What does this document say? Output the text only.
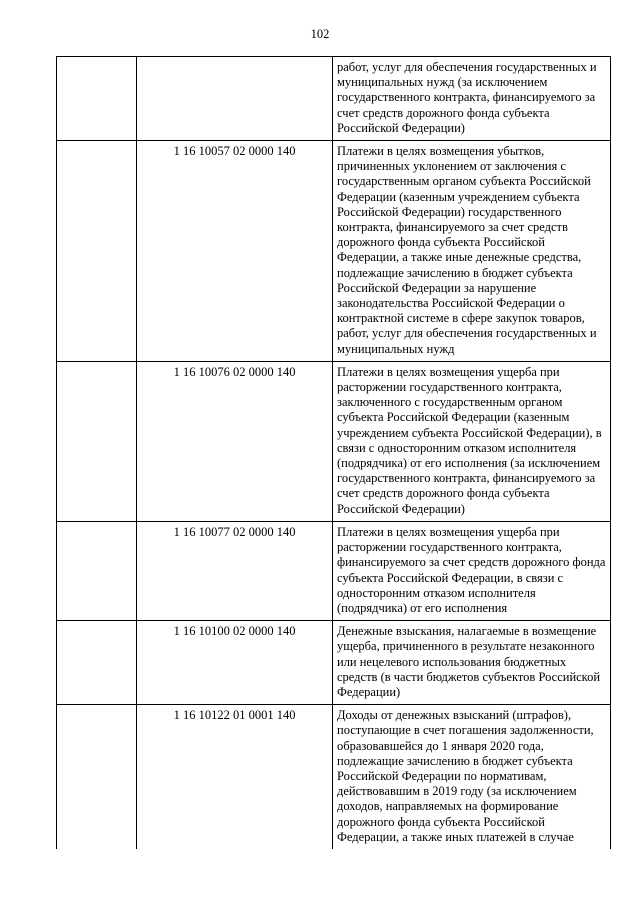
102
		работ, услуг для обеспечения государственных и муниципальных нужд (за исключением государственного контракта, финансируемого за счет средств дорожного фонда субъекта Российской Федерации)
	1 16 10057 02 0000 140	Платежи в целях возмещения убытков, причиненных уклонением от заключения с государственным органом субъекта Российской Федерации (казенным учреждением субъекта Российской Федерации) государственного контракта, финансируемого за счет средств дорожного фонда субъекта Российской Федерации, а также иные денежные средства, подлежащие зачислению в бюджет субъекта Российской Федерации за нарушение законодательства Российской Федерации о контрактной системе в сфере закупок товаров, работ, услуг для обеспечения государственных и муниципальных нужд
	1 16 10076 02 0000 140	Платежи в целях возмещения ущерба при расторжении государственного контракта, заключенного с государственным органом субъекта Российской Федерации (казенным учреждением субъекта Российской Федерации), в связи с односторонним отказом исполнителя (подрядчика) от его исполнения (за исключением государственного контракта, финансируемого за счет средств дорожного фонда субъекта Российской Федерации)
	1 16 10077 02 0000 140	Платежи в целях возмещения ущерба при расторжении государственного контракта, финансируемого за счет средств дорожного фонда субъекта Российской Федерации, в связи с односторонним отказом исполнителя (подрядчика) от его исполнения
	1 16 10100 02 0000 140	Денежные взыскания, налагаемые в возмещение ущерба, причиненного в результате незаконного или нецелевого использования бюджетных средств (в части бюджетов субъектов Российской Федерации)
	1 16 10122 01 0001 140	Доходы от денежных взысканий (штрафов), поступающие в счет погашения задолженности, образовавшейся до 1 января 2020 года, подлежащие зачислению в бюджет субъекта Российской Федерации по нормативам, действовавшим в 2019 году (за исключением доходов, направляемых на формирование дорожного фонда субъекта Российской Федерации, а также иных платежей в случае
